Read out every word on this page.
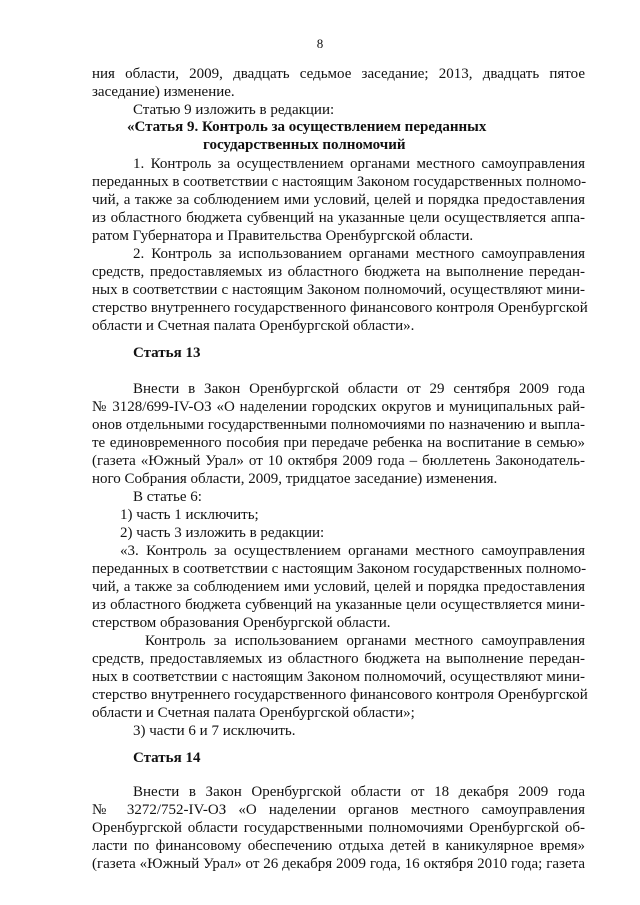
8
ния области, 2009, двадцать седьмое заседание; 2013, двадцать пятое
заседание) изменение.
Статью 9 изложить в редакции:
«Статья 9. Контроль за осуществлением переданных
государственных полномочий
1. Контроль за осуществлением органами местного самоуправления
переданных в соответствии с настоящим Законом государственных полномо-
чий, а также за соблюдением ими условий, целей и порядка предоставления
из областного бюджета субвенций на указанные цели осуществляется аппа-
ратом Губернатора и Правительства Оренбургской области.
2. Контроль за использованием органами местного самоуправления
средств, предоставляемых из областного бюджета на выполнение передан-
ных в соответствии с настоящим Законом полномочий, осуществляют мини-
стерство внутреннего государственного финансового контроля Оренбургской
области и Счетная палата Оренбургской области».
Статья 13
Внести в Закон Оренбургской области от 29 сентября 2009 года
№ 3128/699-IV-ОЗ «О наделении городских округов и муниципальных рай-
онов отдельными государственными полномочиями по назначению и выпла-
те единовременного пособия при передаче ребенка на воспитание в семью»
(газета «Южный Урал» от 10 октября 2009 года – бюллетень Законодатель-
ного Собрания области, 2009, тридцатое заседание) изменения.
В статье 6:
1) часть 1 исключить;
2) часть 3 изложить в редакции:
«3. Контроль за осуществлением органами местного самоуправления
переданных в соответствии с настоящим Законом государственных полномо-
чий, а также за соблюдением ими условий, целей и порядка предоставления
из областного бюджета субвенций на указанные цели осуществляется мини-
стерством образования Оренбургской области.
Контроль за использованием органами местного самоуправления
средств, предоставляемых из областного бюджета на выполнение передан-
ных в соответствии с настоящим Законом полномочий, осуществляют мини-
стерство внутреннего государственного финансового контроля Оренбургской
области и Счетная палата Оренбургской области»;
3) части 6 и 7 исключить.
Статья 14
Внести в Закон Оренбургской области от 18 декабря 2009 года
№ 3272/752-IV-ОЗ «О наделении органов местного самоуправления
Оренбургской области государственными полномочиями Оренбургской об-
ласти по финансовому обеспечению отдыха детей в каникулярное время»
(газета «Южный Урал» от 26 декабря 2009 года, 16 октября 2010 года; газета
